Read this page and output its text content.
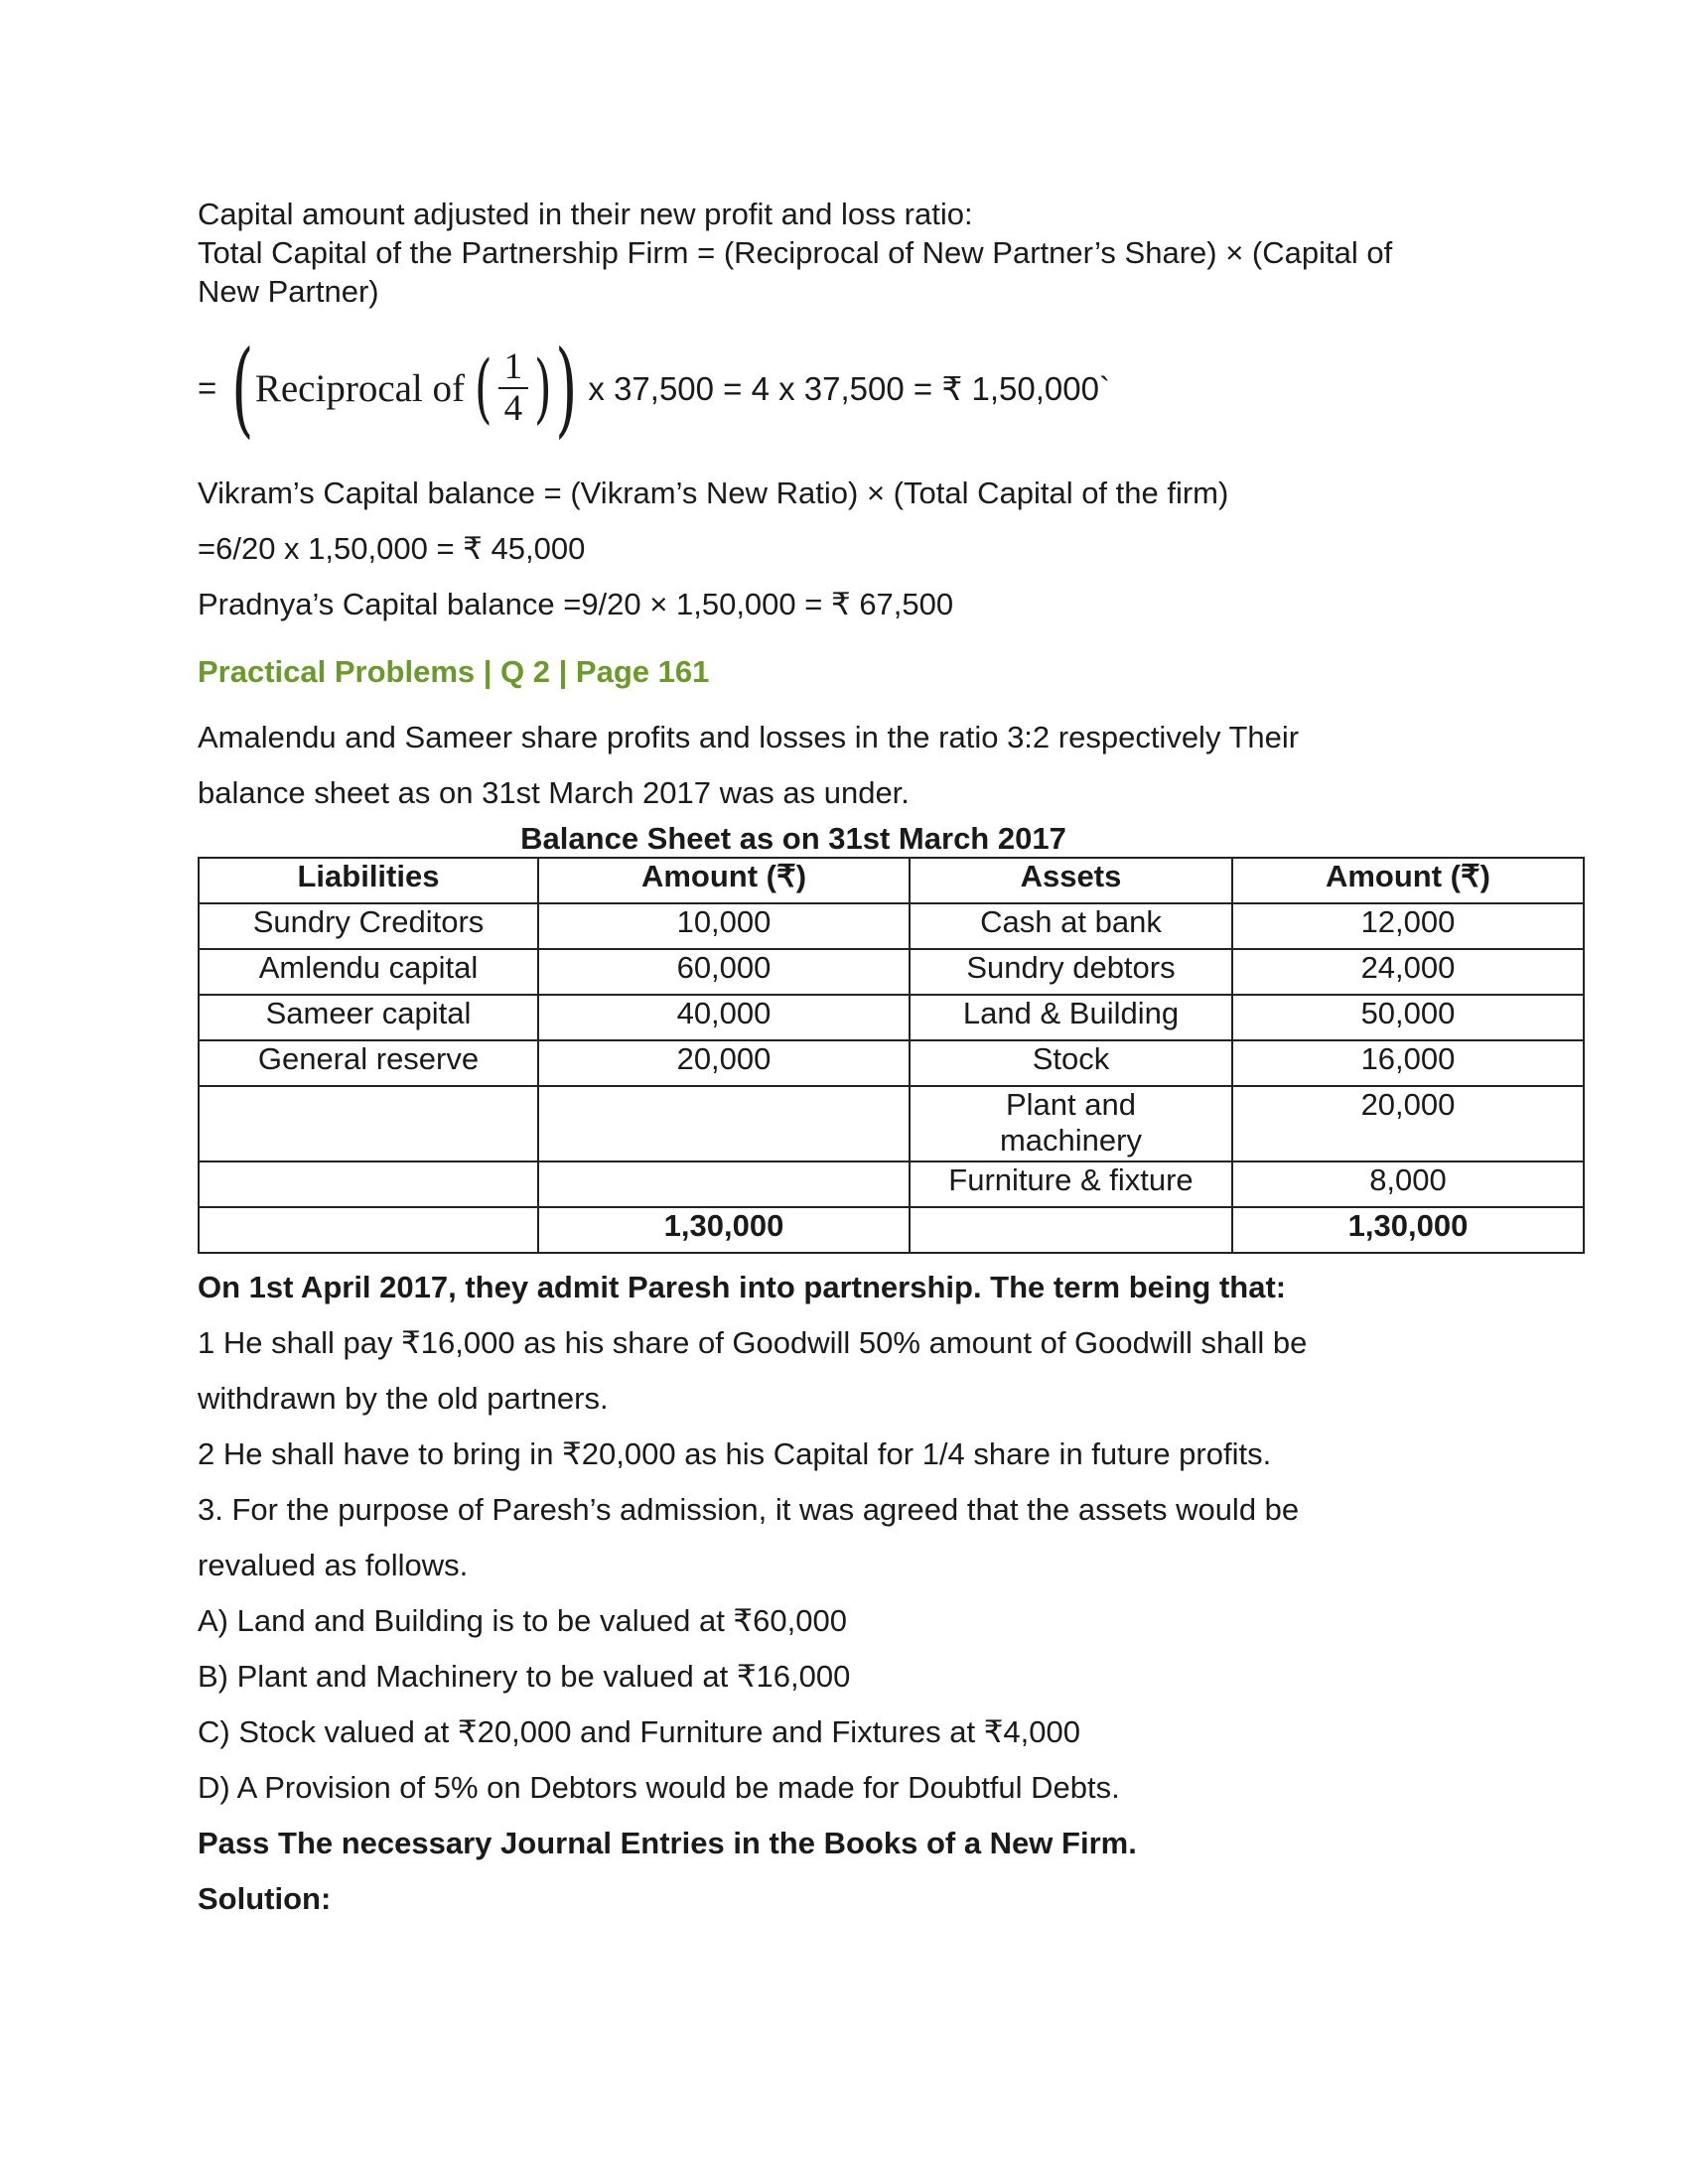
Capital amount adjusted in their new profit and loss ratio:

Total Capital of the Partnership Firm = (Reciprocal of New Partner’s Share) × (Capital of

New Partner)

= ( Reciprocal of ( $\frac{1}{4}$ ) ) x 37,500 = 4 x 37,500 = ₹ 1,50,000`

Vikram’s Capital balance = (Vikram’s New Ratio) × (Total Capital of the firm)

=6/20 x 1,50,000 = ₹ 45,000

Pradnya’s Capital balance =9/20 × 1,50,000 = ₹ 67,500

Practical Problems | Q 2 | Page 161

Amalendu and Sameer share profits and losses in the ratio 3:2 respectively Their

balance sheet as on 31st March 2017 was as under.

Balance Sheet as on 31st March 2017
Liabilities	Amount (₹)	Assets	Amount (₹)
Sundry Creditors	10,000	Cash at bank	12,000
Amlendu capital	60,000	Sundry debtors	24,000
Sameer capital	40,000	Land & Building	50,000
General reserve	20,000	Stock	16,000
		Plant and machinery	20,000
		Furniture & fixture	8,000
	1,30,000		1,30,000

On 1st April 2017, they admit Paresh into partnership. The term being that:

1 He shall pay ₹16,000 as his share of Goodwill 50% amount of Goodwill shall be

withdrawn by the old partners.

2 He shall have to bring in ₹20,000 as his Capital for 1/4 share in future profits.

3. For the purpose of Paresh’s admission, it was agreed that the assets would be

revalued as follows.

A) Land and Building is to be valued at ₹60,000

B) Plant and Machinery to be valued at ₹16,000

C) Stock valued at ₹20,000 and Furniture and Fixtures at ₹4,000

D) A Provision of 5% on Debtors would be made for Doubtful Debts.

Pass The necessary Journal Entries in the Books of a New Firm.

Solution:
